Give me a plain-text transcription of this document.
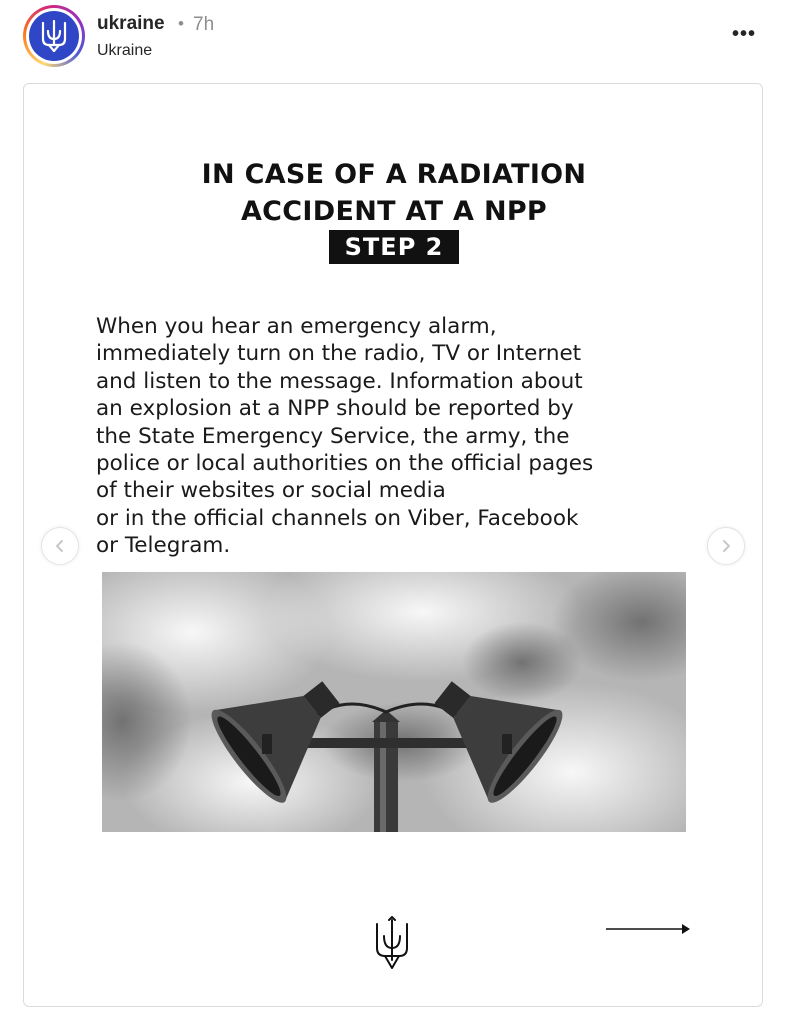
ukraine • 7h
Ukraine
•••
IN CASE OF A RADIATION
ACCIDENT AT A NPP
STEP 2
When you hear an emergency alarm,
immediately turn on the radio, TV or Internet
and listen to the message. Information about
an explosion at a NPP should be reported by
the State Emergency Service, the army, the
police or local authorities on the official pages
of their websites or social media
or in the official channels on Viber, Facebook
or Telegram.
